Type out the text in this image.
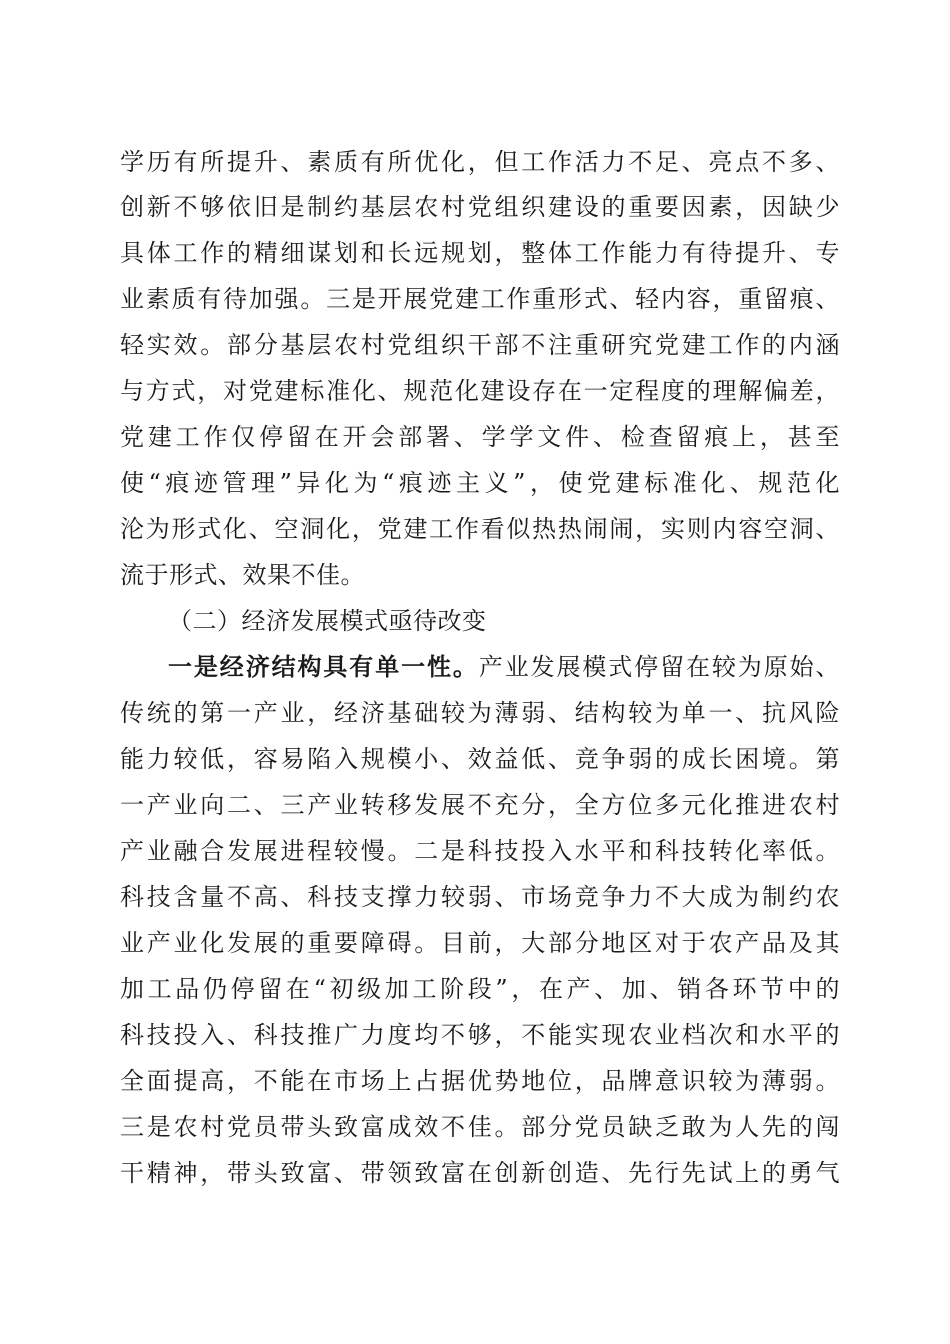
学历有所提升、素质有所优化，但工作活力不足、亮点不多、
创新不够依旧是制约基层农村党组织建设的重要因素，因缺少
具体工作的精细谋划和长远规划，整体工作能力有待提升、专
业素质有待加强。三是开展党建工作重形式、轻内容，重留痕、
轻实效。部分基层农村党组织干部不注重研究党建工作的内涵
与方式，对党建标准化、规范化建设存在一定程度的理解偏差，
党建工作仅停留在开会部署、学学文件、检查留痕上，甚至
使“痕迹管理”异化为“痕迹主义”，使党建标准化、规范化
沦为形式化、空洞化，党建工作看似热热闹闹，实则内容空洞、
流于形式、效果不佳。
（二）经济发展模式亟待改变
一是经济结构具有单一性。产业发展模式停留在较为原始、
传统的第一产业，经济基础较为薄弱、结构较为单一、抗风险
能力较低，容易陷入规模小、效益低、竞争弱的成长困境。第
一产业向二、三产业转移发展不充分，全方位多元化推进农村
产业融合发展进程较慢。二是科技投入水平和科技转化率低。
科技含量不高、科技支撑力较弱、市场竞争力不大成为制约农
业产业化发展的重要障碍。目前，大部分地区对于农产品及其
加工品仍停留在“初级加工阶段”，在产、加、销各环节中的
科技投入、科技推广力度均不够，不能实现农业档次和水平的
全面提高，不能在市场上占据优势地位，品牌意识较为薄弱。
三是农村党员带头致富成效不佳。部分党员缺乏敢为人先的闯
干精神，带头致富、带领致富在创新创造、先行先试上的勇气
